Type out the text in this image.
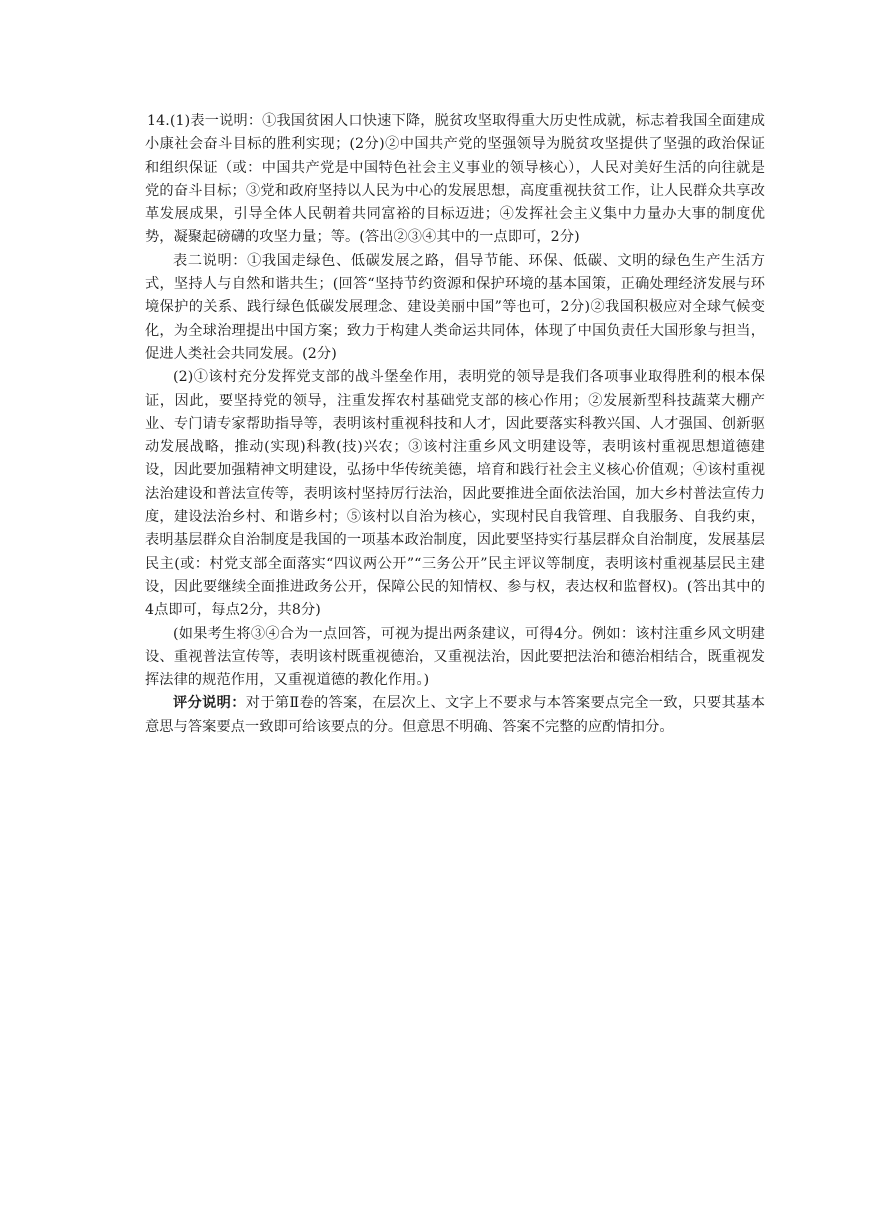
14.(1)表一说明：①我国贫困人口快速下降，脱贫攻坚取得重大历史性成就，标志着我国全面建成小康社会奋斗目标的胜利实现；(2分)②中国共产党的坚强领导为脱贫攻坚提供了坚强的政治保证和组织保证（或：中国共产党是中国特色社会主义事业的领导核心），人民对美好生活的向往就是党的奋斗目标；③党和政府坚持以人民为中心的发展思想，高度重视扶贫工作，让人民群众共享改革发展成果，引导全体人民朝着共同富裕的目标迈进；④发挥社会主义集中力量办大事的制度优势，凝聚起磅礴的攻坚力量；等。(答出②③④其中的一点即可，2分)

表二说明：①我国走绿色、低碳发展之路，倡导节能、环保、低碳、文明的绿色生产生活方式，坚持人与自然和谐共生；(回答“坚持节约资源和保护环境的基本国策，正确处理经济发展与环境保护的关系、践行绿色低碳发展理念、建设美丽中国”等也可，2分)②我国积极应对全球气候变化，为全球治理提出中国方案；致力于构建人类命运共同体，体现了中国负责任大国形象与担当，促进人类社会共同发展。(2分)

(2)①该村充分发挥党支部的战斗堡垒作用，表明党的领导是我们各项事业取得胜利的根本保证，因此，要坚持党的领导，注重发挥农村基础党支部的核心作用；②发展新型科技蔬菜大棚产业、专门请专家帮助指导等，表明该村重视科技和人才，因此要落实科教兴国、人才强国、创新驱动发展战略，推动(实现)科教(技)兴农；③该村注重乡风文明建设等，表明该村重视思想道德建设，因此要加强精神文明建设，弘扬中华传统美德，培育和践行社会主义核心价值观；④该村重视法治建设和普法宣传等，表明该村坚持厉行法治，因此要推进全面依法治国，加大乡村普法宣传力度，建设法治乡村、和谐乡村；⑤该村以自治为核心，实现村民自我管理、自我服务、自我约束，表明基层群众自治制度是我国的一项基本政治制度，因此要坚持实行基层群众自治制度，发展基层民主(或：村党支部全面落实“四议两公开”“三务公开”民主评议等制度，表明该村重视基层民主建设，因此要继续全面推进政务公开，保障公民的知情权、参与权，表达权和监督权)。(答出其中的4点即可，每点2分，共8分)

(如果考生将③④合为一点回答，可视为提出两条建议，可得4分。例如：该村注重乡风文明建设、重视普法宣传等，表明该村既重视德治，又重视法治，因此要把法治和德治相结合，既重视发挥法律的规范作用，又重视道德的教化作用。)

评分说明：对于第Ⅱ卷的答案，在层次上、文字上不要求与本答案要点完全一致，只要其基本意思与答案要点一致即可给该要点的分。但意思不明确、答案不完整的应酌情扣分。
